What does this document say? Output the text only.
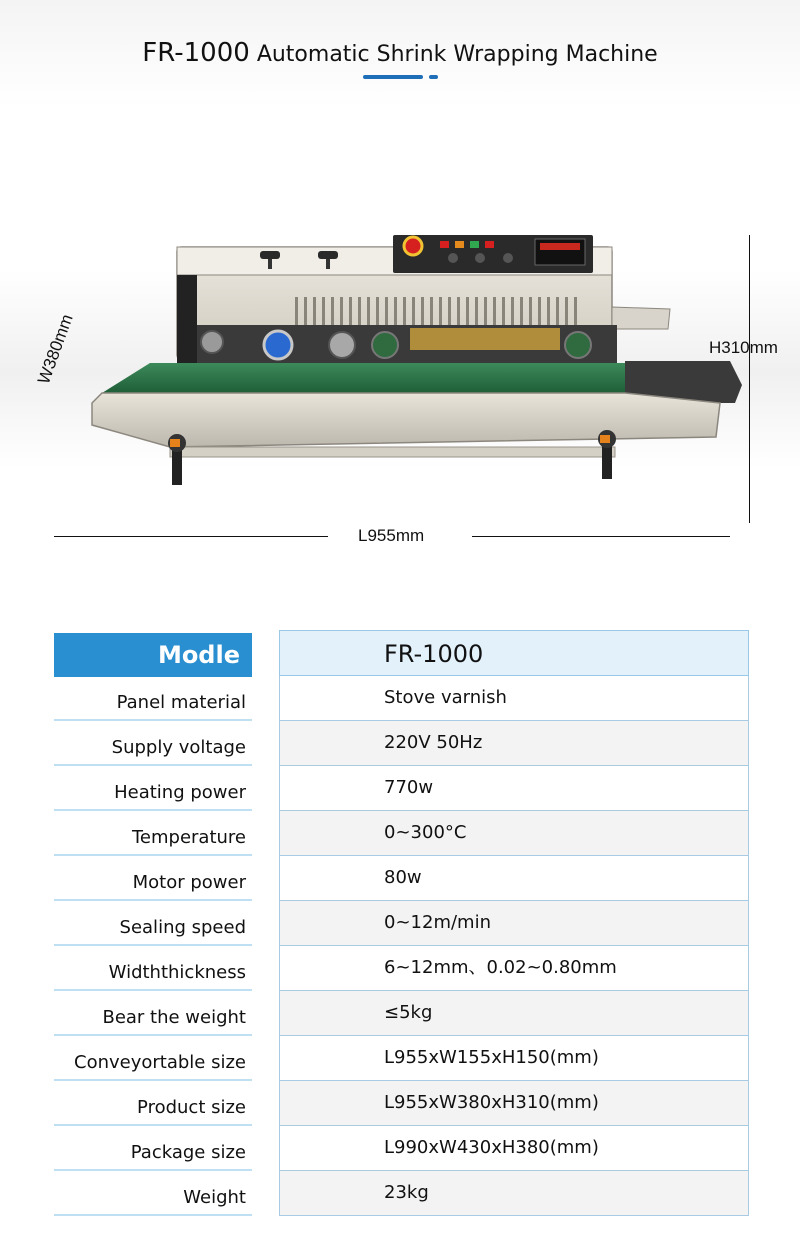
FR-1000 Automatic Shrink Wrapping Machine
W380mm	H310mm
L955mm
Modle	FR-1000
Panel material	Stove varnish
Supply voltage	220V 50Hz
Heating power	770w
Temperature	0~300°C
Motor power	80w
Sealing speed	0~12m/min
Widththickness	6~12mm、0.02~0.80mm
Bear the weight	≤5kg
Conveyortable size	L955xW155xH150(mm)
Product size	L955xW380xH310(mm)
Package size	L990xW430xH380(mm)
Weight	23kg
